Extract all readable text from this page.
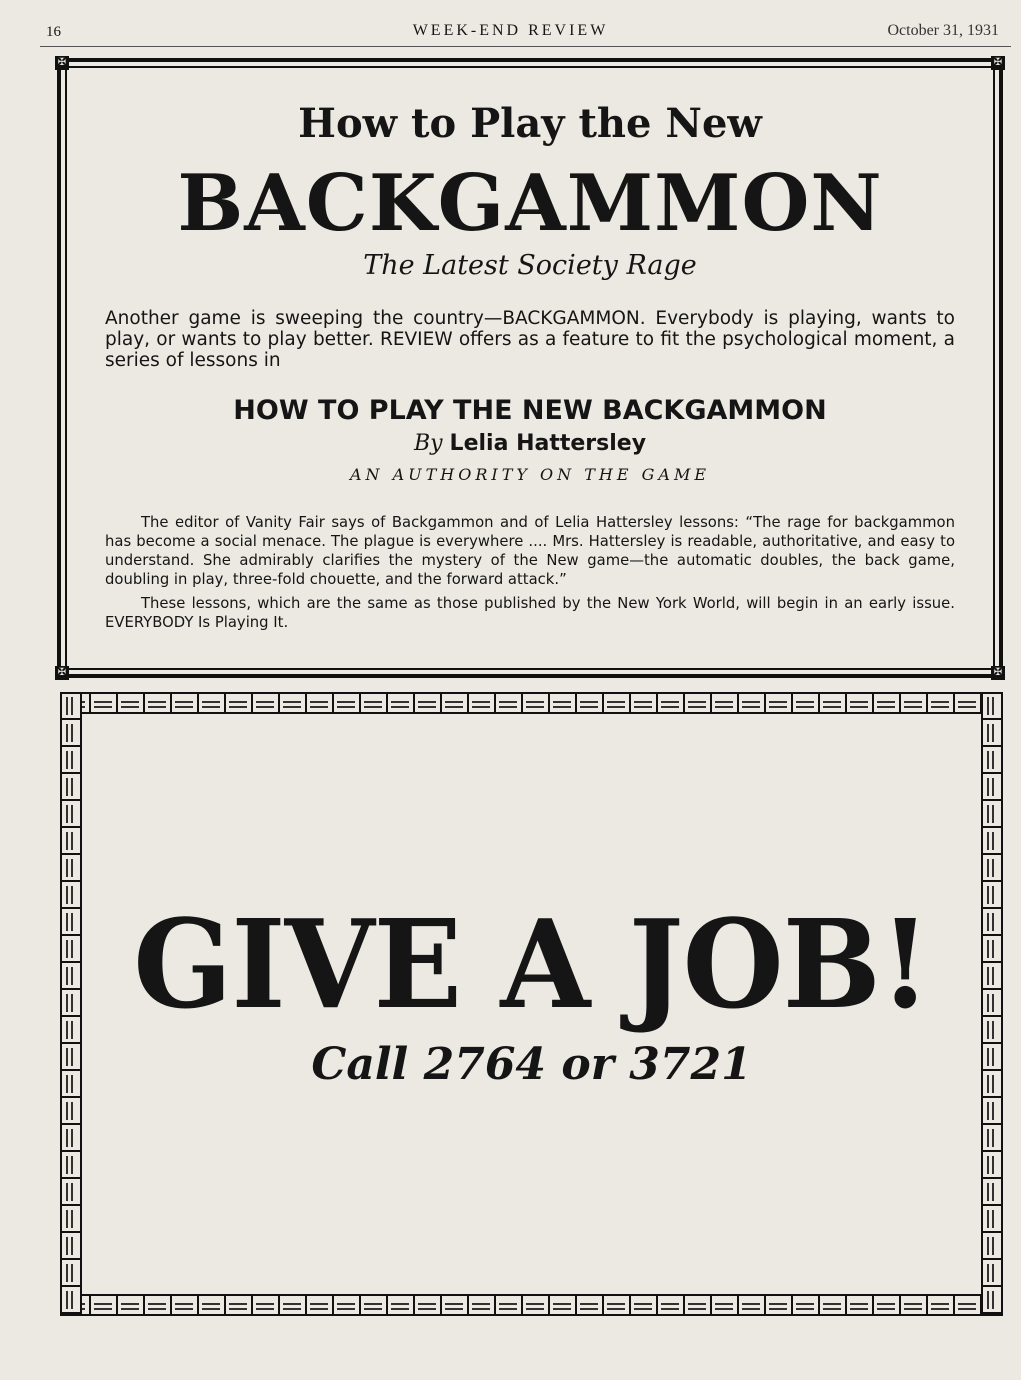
16	WEEK-END REVIEW	October 31, 1931
✠	✠
✠	✠
How to Play the New
BACKGAMMON
The Latest Society Rage
Another game is sweeping the country—BACKGAMMON. Everybody is playing, wants to play, or wants to play better. REVIEW offers as a feature to fit the psychological moment, a series of lessons in
HOW TO PLAY THE NEW BACKGAMMON
By Lelia Hattersley
AN AUTHORITY ON THE GAME
The editor of Vanity Fair says of Backgammon and of Lelia Hattersley lessons: “The rage for backgammon has become a social menace. The plague is everywhere .... Mrs. Hattersley is readable, authoritative, and easy to understand. She admirably clarifies the mystery of the New game—the automatic doubles, the back game, doubling in play, three-fold chouette, and the forward attack.”
These lessons, which are the same as those published by the New York World, will begin in an early issue. EVERYBODY Is Playing It.
GIVE A JOB!
Call 2764 or 3721
